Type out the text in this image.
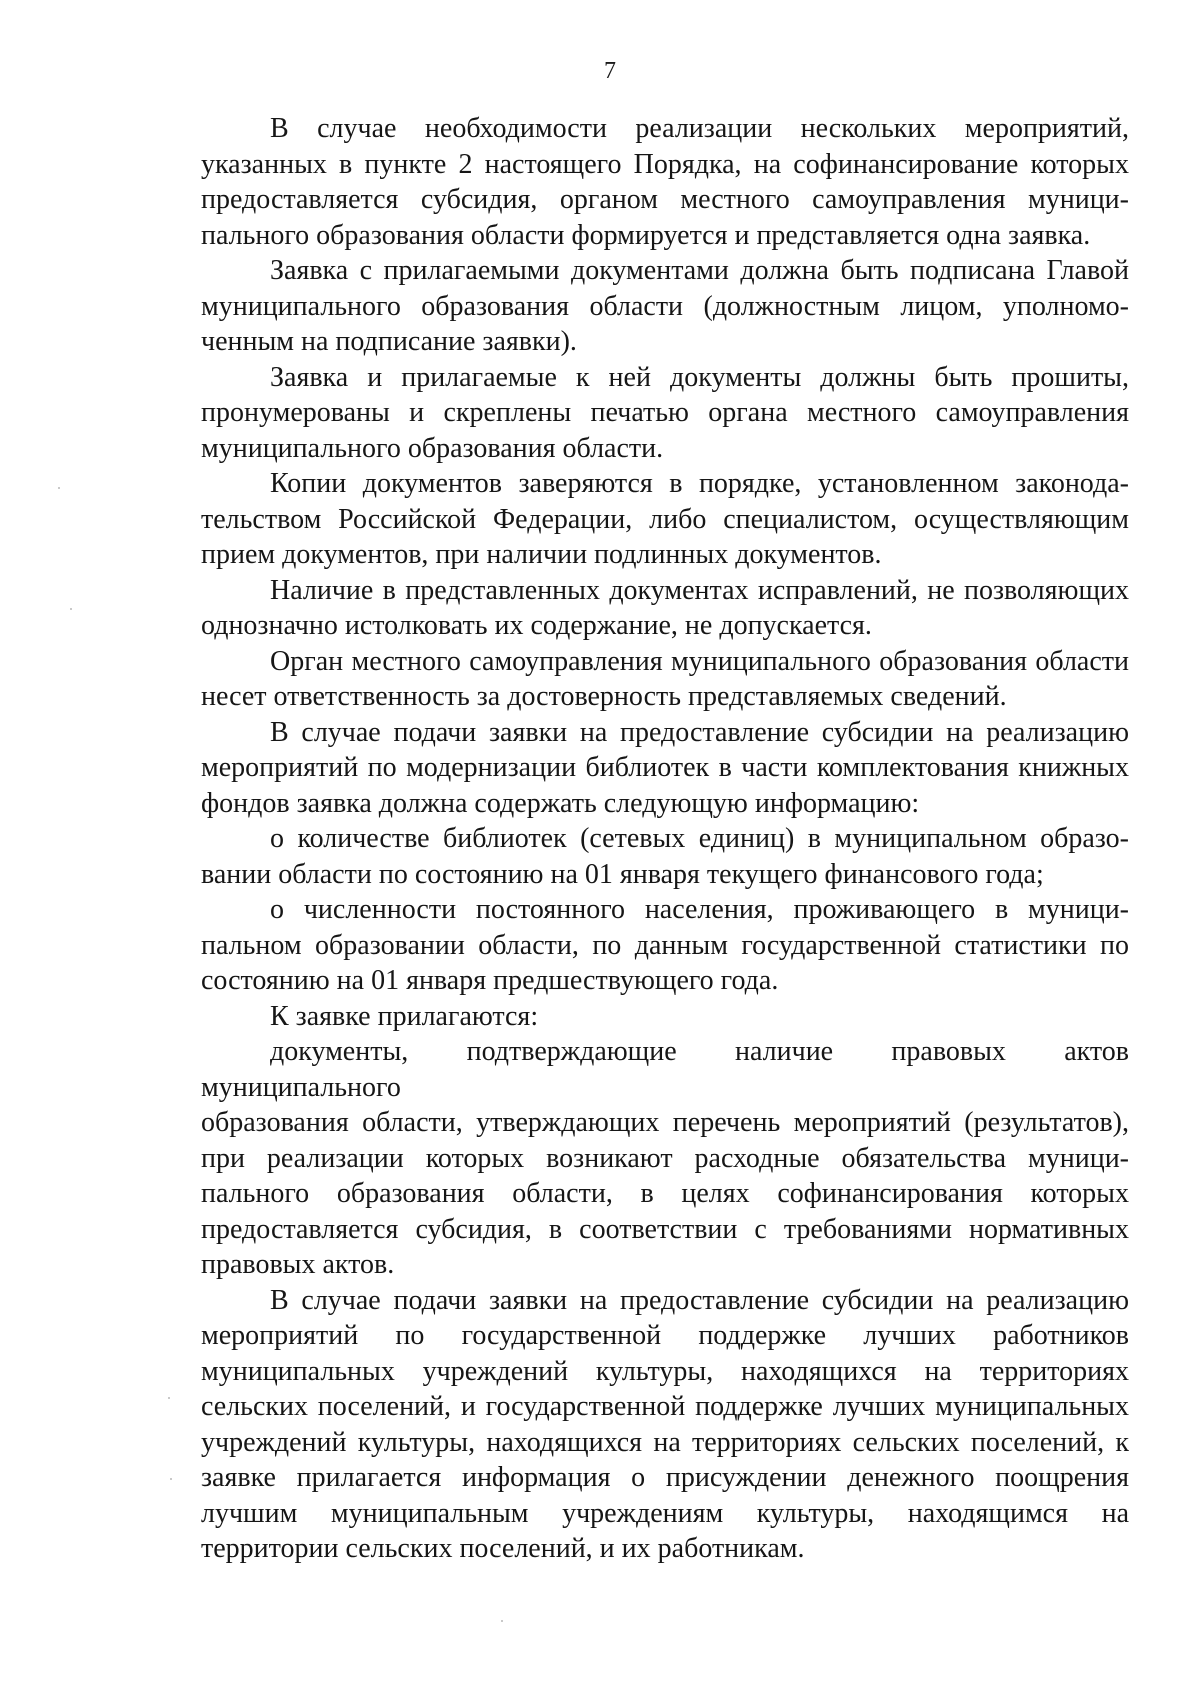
7

В случае необходимости реализации нескольких мероприятий,
указанных в пункте 2 настоящего Порядка, на софинансирование которых
предоставляется субсидия, органом местного самоуправления муници-
пального образования области формируется и представляется одна заявка.

Заявка с прилагаемыми документами должна быть подписана Главой
муниципального образования области (должностным лицом, уполномо-
ченным на подписание заявки).

Заявка и прилагаемые к ней документы должны быть прошиты,
пронумерованы и скреплены печатью органа местного самоуправления
муниципального образования области.

Копии документов заверяются в порядке, установленном законода-
тельством Российской Федерации, либо специалистом, осуществляющим
прием документов, при наличии подлинных документов.

Наличие в представленных документах исправлений, не позволяющих
однозначно истолковать их содержание, не допускается.

Орган местного самоуправления муниципального образования области
несет ответственность за достоверность представляемых сведений.

В случае подачи заявки на предоставление субсидии на реализацию
мероприятий по модернизации библиотек в части комплектования книжных
фондов заявка должна содержать следующую информацию:

о количестве библиотек (сетевых единиц) в муниципальном образо-
вании области по состоянию на 01 января текущего финансового года;

о численности постоянного населения, проживающего в муници-
пальном образовании области, по данным государственной статистики по
состоянию на 01 января предшествующего года.

К заявке прилагаются:

документы, подтверждающие наличие правовых актов муниципального
образования области, утверждающих перечень мероприятий (результатов),
при реализации которых возникают расходные обязательства муници-
пального образования области, в целях софинансирования которых
предоставляется субсидия, в соответствии с требованиями нормативных
правовых актов.

В случае подачи заявки на предоставление субсидии на реализацию
мероприятий по государственной поддержке лучших работников
муниципальных учреждений культуры, находящихся на территориях
сельских поселений, и государственной поддержке лучших муниципальных
учреждений культуры, находящихся на территориях сельских поселений, к
заявке прилагается информация о присуждении денежного поощрения
лучшим муниципальным учреждениям культуры, находящимся на
территории сельских поселений, и их работникам.
